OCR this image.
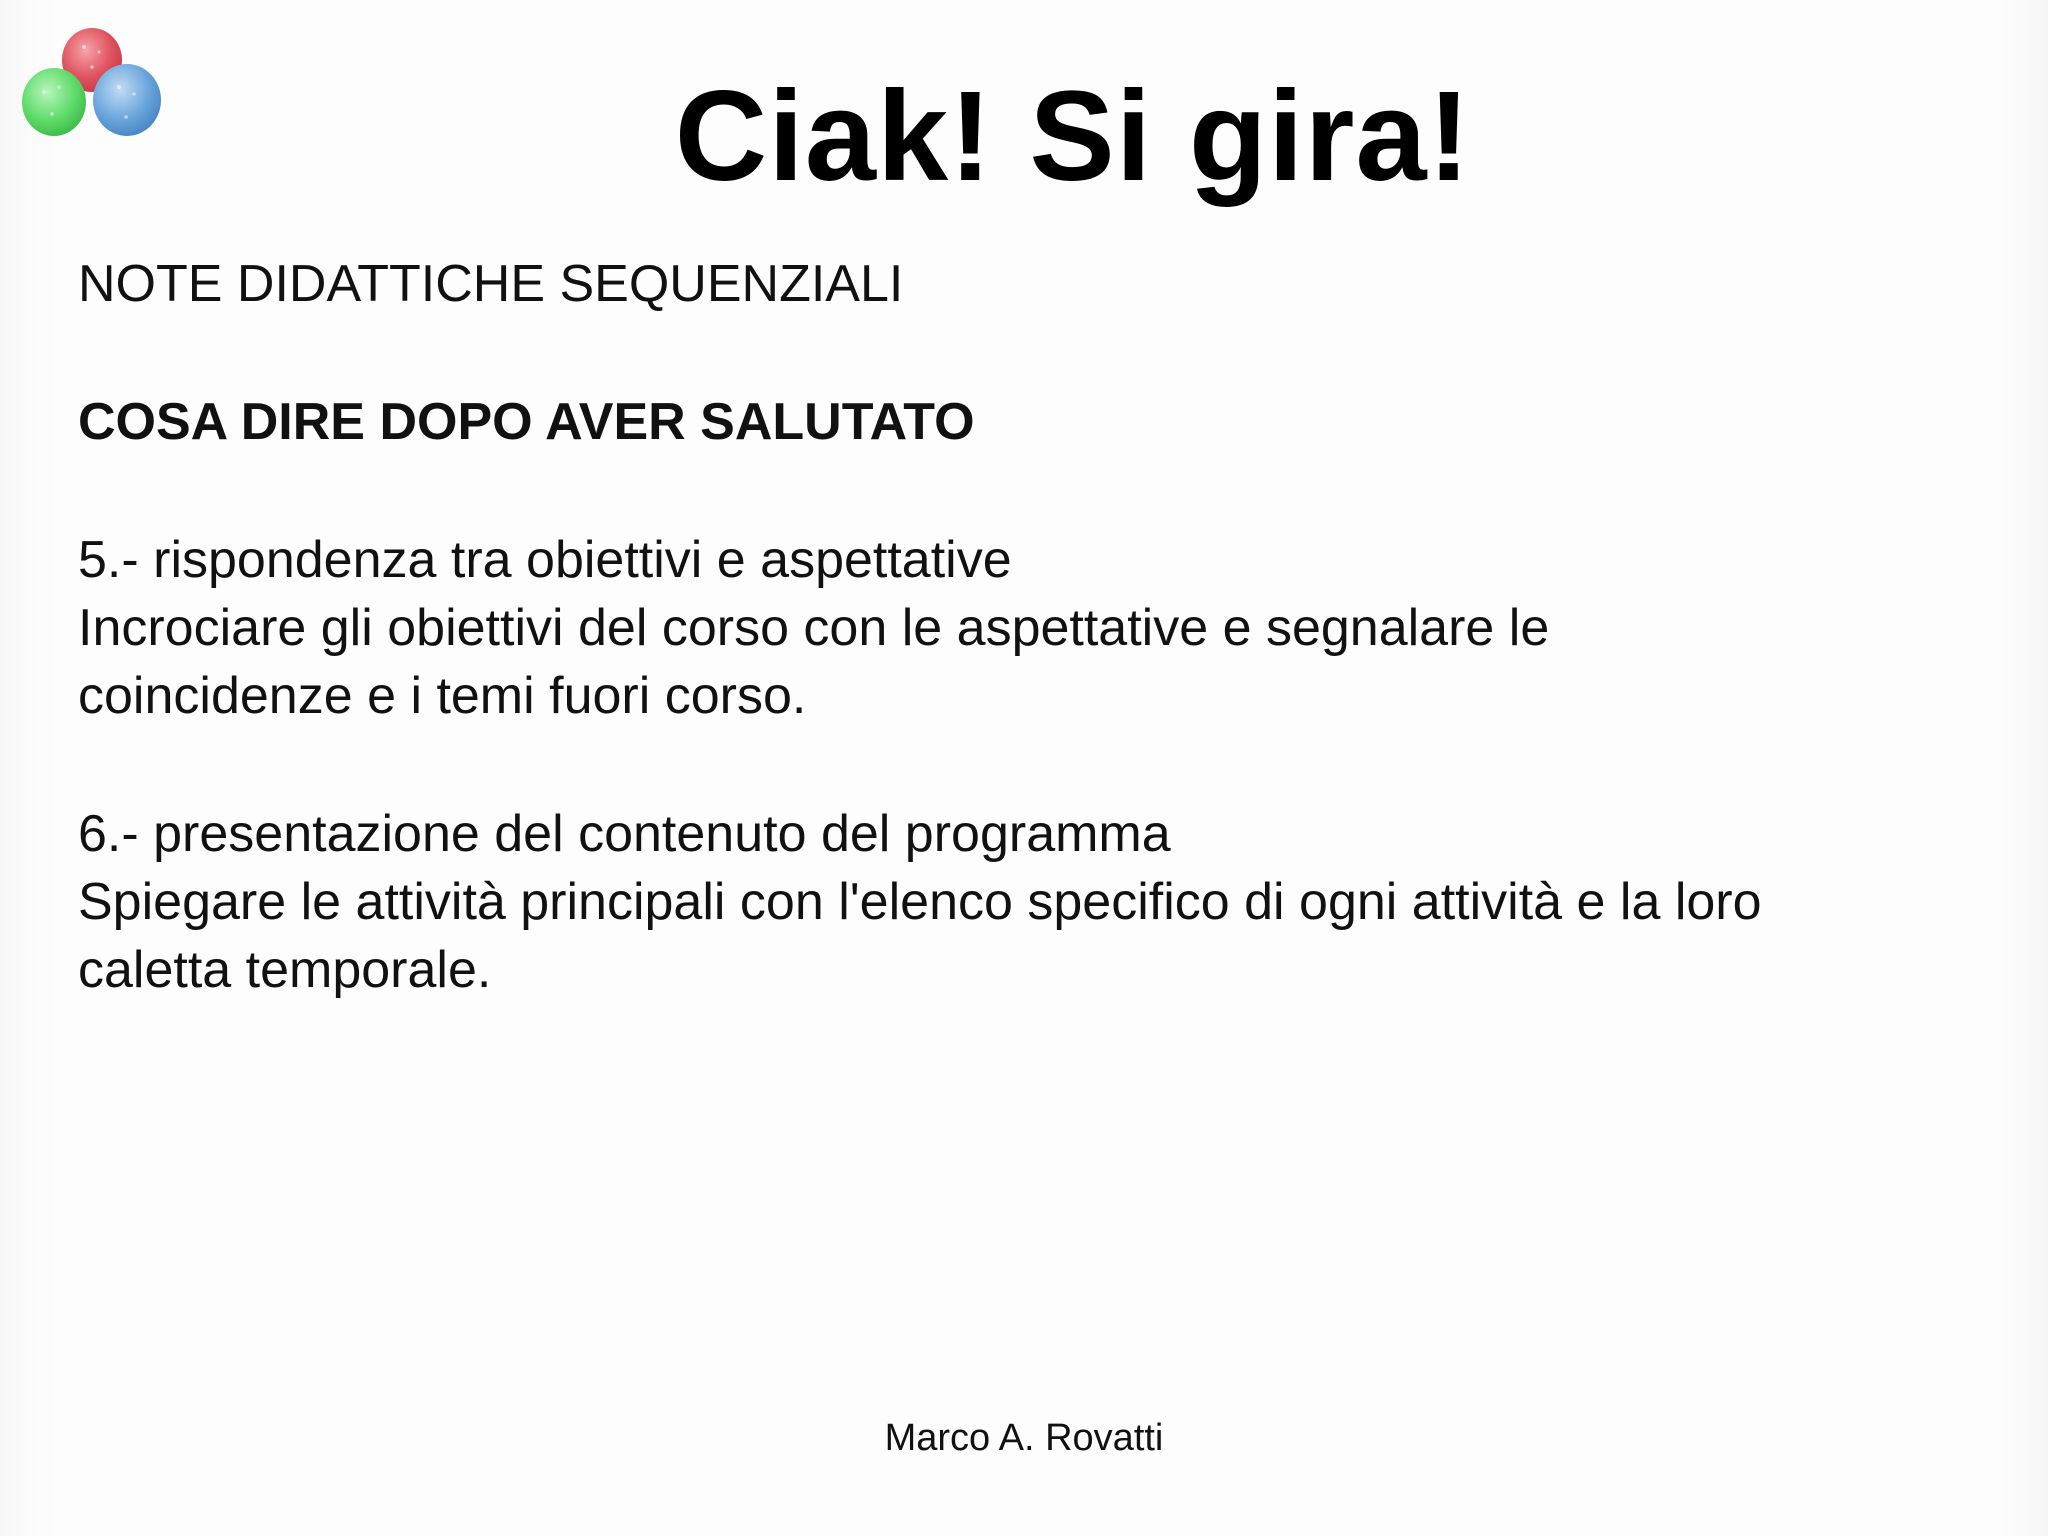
Ciak! Si gira!
NOTE DIDATTICHE SEQUENZIALI
COSA DIRE DOPO AVER SALUTATO
5.- rispondenza tra obiettivi e aspettative
Incrociare gli obiettivi del corso con le aspettative e segnalare le
coincidenze e i temi fuori corso.
6.- presentazione del contenuto del programma
Spiegare le attività principali con l'elenco specifico di ogni attività e la loro
caletta temporale.
Marco A. Rovatti
